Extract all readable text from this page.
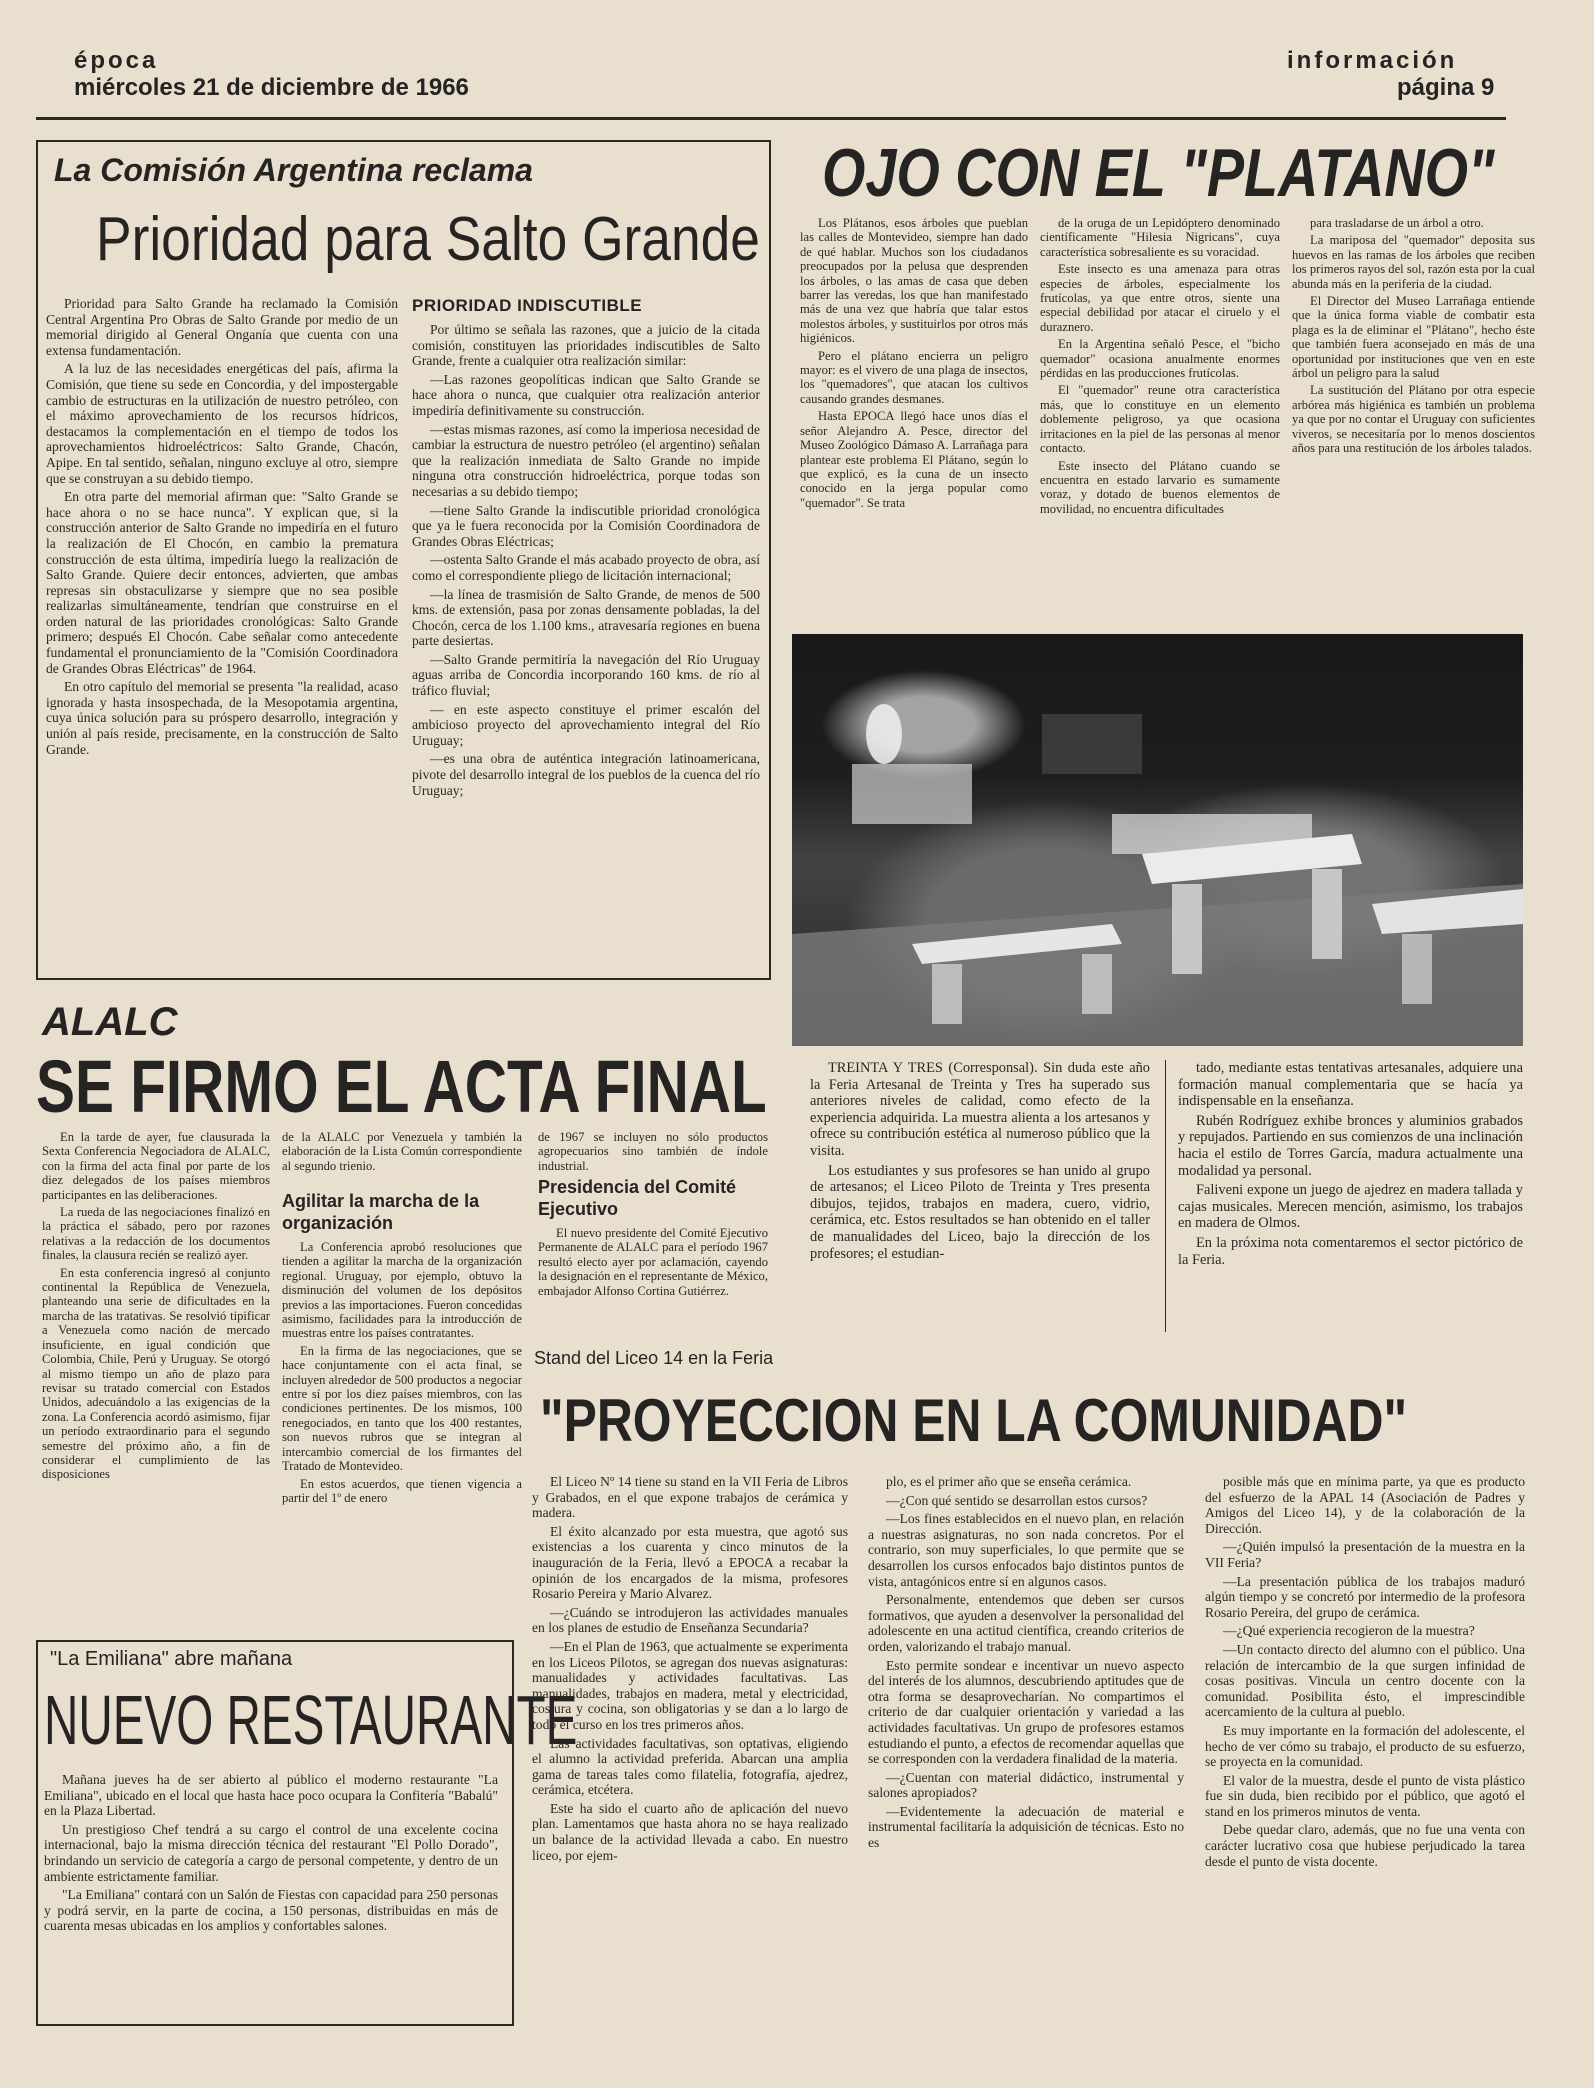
época
miércoles 21 de diciembre de 1966
información
página 9
La Comisión Argentina reclama
Prioridad para Salto Grande

Prioridad para Salto Grande ha reclamado la Comisión Central Argentina Pro Obras de Salto Grande por medio de un memorial dirigido al General Onganía que cuenta con una extensa fundamentación.

A la luz de las necesidades energéticas del país, afirma la Comisión, que tiene su sede en Concordia, y del impostergable cambio de estructuras en la utilización de nuestro petróleo, con el máximo aprovechamiento de los recursos hídricos, destacamos la complementación en el tiempo de todos los aprovechamientos hidroeléctricos: Salto Grande, Chacón, Apipe. En tal sentido, señalan, ninguno excluye al otro, siempre que se construyan a su debido tiempo.

En otra parte del memorial afirman que: "Salto Grande se hace ahora o no se hace nunca". Y explican que, si la construcción anterior de Salto Grande no impediría en el futuro la realización de El Chocón, en cambio la prematura construcción de esta última, impediría luego la realización de Salto Grande. Quiere decir entonces, advierten, que ambas represas sin obstaculizarse y siempre que no sea posible realizarlas simultáneamente, tendrían que construirse en el orden natural de las prioridades cronológicas: Salto Grande primero; después El Chocón. Cabe señalar como antecedente fundamental el pronunciamiento de la "Comisión Coordinadora de Grandes Obras Eléctricas" de 1964.

En otro capítulo del memorial se presenta "la realidad, acaso ignorada y hasta insospechada, de la Mesopotamia argentina, cuya única solución para su próspero desarrollo, integración y unión al país reside, precisamente, en la construcción de Salto Grande.

PRIORIDAD INDISCUTIBLE

Por último se señala las razones, que a juicio de la citada comisión, constituyen las prioridades indiscutibles de Salto Grande, frente a cualquier otra realización similar:

—Las razones geopolíticas indican que Salto Grande se hace ahora o nunca, que cualquier otra realización anterior impediría definitivamente su construcción.

—estas mismas razones, así como la imperiosa necesidad de cambiar la estructura de nuestro petróleo (el argentino) señalan que la realización inmediata de Salto Grande no impide ninguna otra construcción hidroeléctrica, porque todas son necesarias a su debido tiempo;

—tiene Salto Grande la indiscutible prioridad cronológica que ya le fuera reconocida por la Comisión Coordinadora de Grandes Obras Eléctricas;

—ostenta Salto Grande el más acabado proyecto de obra, así como el correspondiente pliego de licitación internacional;

—la línea de trasmisión de Salto Grande, de menos de 500 kms. de extensión, pasa por zonas densamente pobladas, la del Chocón, cerca de los 1.100 kms., atravesaría regiones en buena parte desiertas.

—Salto Grande permitiría la navegación del Río Uruguay aguas arriba de Concordia incorporando 160 kms. de río al tráfico fluvial;

— en este aspecto constituye el primer escalón del ambicioso proyecto del aprovechamiento integral del Río Uruguay;

—es una obra de auténtica integración latinoamericana, pivote del desarrollo integral de los pueblos de la cuenca del río Uruguay;

OJO CON EL "PLATANO"

Los Plátanos, esos árboles que pueblan las calles de Montevideo, siempre han dado de qué hablar. Muchos son los ciudadanos preocupados por la pelusa que desprenden los árboles, o las amas de casa que deben barrer las veredas, los que han manifestado más de una vez que habría que talar estos molestos árboles, y sustituirlos por otros más higiénicos.

Pero el plátano encierra un peligro mayor: es el vivero de una plaga de insectos, los "quemadores", que atacan los cultivos causando grandes desmanes.

Hasta EPOCA llegó hace unos días el señor Alejandro A. Pesce, director del Museo Zoológico Dámaso A. Larrañaga para plantear este problema El Plátano, según lo que explicó, es la cuna de un insecto conocido en la jerga popular como "quemador". Se trata

de la oruga de un Lepidóptero denominado científicamente "Hilesia Nigricans", cuya característica sobresaliente es su voracidad.

Este insecto es una amenaza para otras especies de árboles, especialmente los frutícolas, ya que entre otros, siente una especial debilidad por atacar el ciruelo y el duraznero.

En la Argentina señaló Pesce, el "bicho quemador" ocasiona anualmente enormes pérdidas en las producciones frutícolas.

El "quemador" reune otra característica más, que lo constituye en un elemento doblemente peligroso, ya que ocasiona irritaciones en la piel de las personas al menor contacto.

Este insecto del Plátano cuando se encuentra en estado larvario es sumamente voraz, y dotado de buenos elementos de movilidad, no encuentra dificultades

para trasladarse de un árbol a otro.

La mariposa del "quemador" deposita sus huevos en las ramas de los árboles que reciben los primeros rayos del sol, razón esta por la cual abunda más en la periferia de la ciudad.

El Director del Museo Larrañaga entiende que la única forma viable de combatir esta plaga es la de eliminar el "Plátano", hecho éste que también fuera aconsejado en más de una oportunidad por instituciones que ven en este árbol un peligro para la salud

La sustitución del Plátano por otra especie arbórea más higiénica es también un problema ya que por no contar el Uruguay con suficientes viveros, se necesitaría por lo menos doscientos años para una restitución de los árboles talados.

ALALC
SE FIRMO EL ACTA FINAL

En la tarde de ayer, fue clausurada la Sexta Conferencia Negociadora de ALALC, con la firma del acta final por parte de los diez delegados de los países miembros participantes en las deliberaciones.

La rueda de las negociaciones finalizó en la práctica el sábado, pero por razones relativas a la redacción de los documentos finales, la clausura recién se realizó ayer.

En esta conferencia ingresó al conjunto continental la República de Venezuela, planteando una serie de dificultades en la marcha de las tratativas. Se resolvió tipificar a Venezuela como nación de mercado insuficiente, en igual condición que Colombia, Chile, Perú y Uruguay. Se otorgó al mismo tiempo un año de plazo para revisar su tratado comercial con Estados Unidos, adecuándolo a las exigencias de la zona. La Conferencia acordó asimismo, fijar un período extraordinario para el segundo semestre del próximo año, a fin de considerar el cumplimiento de las disposiciones

de la ALALC por Venezuela y también la elaboración de la Lista Común correspondiente al segundo trienio.
Agilitar la marcha de la organización

La Conferencia aprobó resoluciones que tienden a agilitar la marcha de la organización regional. Uruguay, por ejemplo, obtuvo la disminución del volumen de los depósitos previos a las importaciones. Fueron concedidas asimismo, facilidades para la introducción de muestras entre los países contratantes.

En la firma de las negociaciones, que se hace conjuntamente con el acta final, se incluyen alrededor de 500 productos a negociar entre sí por los diez países miembros, con las condiciones pertinentes. De los mismos, 100 renegociados, en tanto que los 400 restantes, son nuevos rubros que se integran al intercambio comercial de los firmantes del Tratado de Montevideo.

En estos acuerdos, que tienen vigencia a partir del 1º de enero

de 1967 se incluyen no sólo productos agropecuarios sino también de índole industrial.
Presidencia del Comité Ejecutivo

El nuevo presidente del Comité Ejecutivo Permanente de ALALC para el período 1967 resultó electo ayer por aclamación, cayendo la designación en el representante de México, embajador Alfonso Cortina Gutiérrez.

TREINTA Y TRES (Corresponsal). Sin duda este año la Feria Artesanal de Treinta y Tres ha superado sus anteriores niveles de calidad, como efecto de la experiencia adquirida. La muestra alienta a los artesanos y ofrece su contribución estética al numeroso público que la visita.

Los estudiantes y sus profesores se han unido al grupo de artesanos; el Liceo Piloto de Treinta y Tres presenta dibujos, tejidos, trabajos en madera, cuero, vidrio, cerámica, etc. Estos resultados se han obtenido en el taller de manualidades del Liceo, bajo la dirección de los profesores; el estudian-

tado, mediante estas tentativas artesanales, adquiere una formación manual complementaria que se hacía ya indispensable en la enseñanza.

Rubén Rodríguez exhibe bronces y aluminios grabados y repujados. Partiendo en sus comienzos de una inclinación hacia el estilo de Torres García, madura actualmente una modalidad ya personal.

Faliveni expone un juego de ajedrez en madera tallada y cajas musicales. Merecen mención, asimismo, los trabajos en madera de Olmos.

En la próxima nota comentaremos el sector pictórico de la Feria.

"La Emiliana" abre mañana
NUEVO RESTAURANTE

Mañana jueves ha de ser abierto al público el moderno restaurante "La Emiliana", ubicado en el local que hasta hace poco ocupara la Confitería "Babalú" en la Plaza Libertad.

Un prestigioso Chef tendrá a su cargo el control de una excelente cocina internacional, bajo la misma dirección técnica del restaurant "El Pollo Dorado", brindando un servicio de categoría a cargo de personal competente, y dentro de un ambiente estrictamente familiar.

"La Emiliana" contará con un Salón de Fiestas con capacidad para 250 personas y podrá servir, en la parte de cocina, a 150 personas, distribuidas en más de cuarenta mesas ubicadas en los amplios y confortables salones.

Stand del Liceo 14 en la Feria
"PROYECCION EN LA COMUNIDAD"

El Liceo Nº 14 tiene su stand en la VII Feria de Libros y Grabados, en el que expone trabajos de cerámica y madera.

El éxito alcanzado por esta muestra, que agotó sus existencias a los cuarenta y cinco minutos de la inauguración de la Feria, llevó a EPOCA a recabar la opinión de los encargados de la misma, profesores Rosario Pereira y Mario Alvarez.

—¿Cuándo se introdujeron las actividades manuales en los planes de estudio de Enseñanza Secundaria?

—En el Plan de 1963, que actualmente se experimenta en los Liceos Pilotos, se agregan dos nuevas asignaturas: manualidades y actividades facultativas. Las manualidades, trabajos en madera, metal y electricidad, costura y cocina, son obligatorias y se dan a lo largo de todo el curso en los tres primeros años.

Las actividades facultativas, son optativas, eligiendo el alumno la actividad preferida. Abarcan una amplia gama de tareas tales como filatelia, fotografía, ajedrez, cerámica, etcétera.

Este ha sido el cuarto año de aplicación del nuevo plan. Lamentamos que hasta ahora no se haya realizado un balance de la actividad llevada a cabo. En nuestro liceo, por ejem-

plo, es el primer año que se enseña cerámica.

—¿Con qué sentido se desarrollan estos cursos?

—Los fines establecidos en el nuevo plan, en relación a nuestras asignaturas, no son nada concretos. Por el contrario, son muy superficiales, lo que permite que se desarrollen los cursos enfocados bajo distintos puntos de vista, antagónicos entre sí en algunos casos.

Personalmente, entendemos que deben ser cursos formativos, que ayuden a desenvolver la personalidad del adolescente en una actitud científica, creando criterios de orden, valorizando el trabajo manual.

Esto permite sondear e incentivar un nuevo aspecto del interés de los alumnos, descubriendo aptitudes que de otra forma se desaprovecharían. No compartimos el criterio de dar cualquier orientación y variedad a las actividades facultativas. Un grupo de profesores estamos estudiando el punto, a efectos de recomendar aquellas que se corresponden con la verdadera finalidad de la materia.

—¿Cuentan con material didáctico, instrumental y salones apropiados?

—Evidentemente la adecuación de material e instrumental facilitaría la adquisición de técnicas. Esto no es

posible más que en mínima parte, ya que es producto del esfuerzo de la APAL 14 (Asociación de Padres y Amigos del Liceo 14), y de la colaboración de la Dirección.

—¿Quién impulsó la presentación de la muestra en la VII Feria?

—La presentación pública de los trabajos maduró algún tiempo y se concretó por intermedio de la profesora Rosario Pereira, del grupo de cerámica.

—¿Qué experiencia recogieron de la muestra?

—Un contacto directo del alumno con el público. Una relación de intercambio de la que surgen infinidad de cosas positivas. Vincula un centro docente con la comunidad. Posibilita ésto, el imprescindible acercamiento de la cultura al pueblo.

Es muy importante en la formación del adolescente, el hecho de ver cómo su trabajo, el producto de su esfuerzo, se proyecta en la comunidad.

El valor de la muestra, desde el punto de vista plástico fue sin duda, bien recibido por el público, que agotó el stand en los primeros minutos de venta.

Debe quedar claro, además, que no fue una venta con carácter lucrativo cosa que hubiese perjudicado la tarea desde el punto de vista docente.
